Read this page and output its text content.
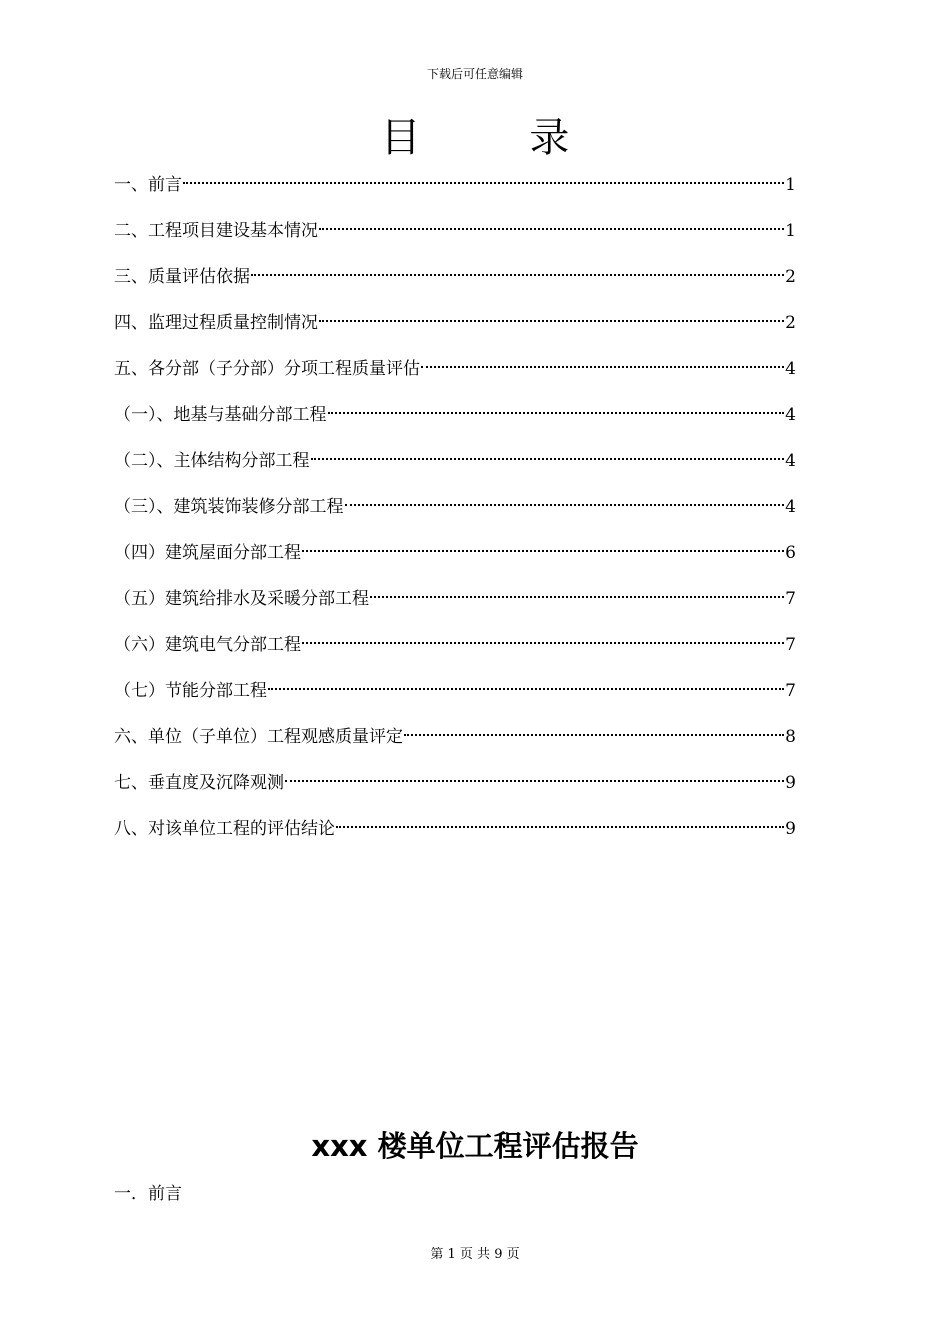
下载后可任意编辑
目 录
一、前言	1
二、工程项目建设基本情况	1
三、质量评估依据	2
四、监理过程质量控制情况	2
五、各分部（子分部）分项工程质量评估	4
（一）、地基与基础分部工程	4
（二）、主体结构分部工程	4
（三）、建筑装饰装修分部工程	4
（四）建筑屋面分部工程	6
（五）建筑给排水及采暖分部工程	7
（六）建筑电气分部工程	7
（七）节能分部工程	7
六、单位（子单位）工程观感质量评定	8
七、垂直度及沉降观测	9
八、对该单位工程的评估结论	9
xxx 楼单位工程评估报告
一．前言
第 1 页 共 9 页
